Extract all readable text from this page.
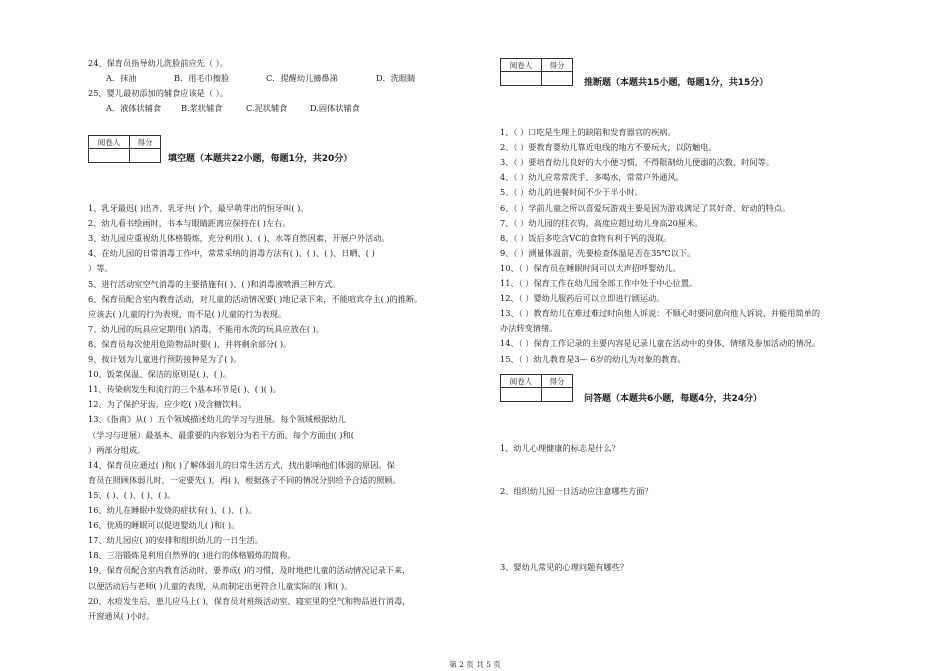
24、保育员指导幼儿洗脸前应先（ ）。
A．抹油	B．用毛巾擦脸	C．提醒幼儿擤鼻涕	D．洗眼睛
25、婴儿最初添加的辅食应该是（ ）。
A．液体状辅食 B.浆状辅食	C.泥状辅食	D.固体状辅食
阅卷人	得分

填空题（本题共22小题，每题1分，共20分）
1、乳牙最迟( )出齐，乳牙共( )个，最早萌芽出的恒牙叫( )。
2、幼儿看书绘画时，书本与眼睛距离应保持在( )左右。
3、幼儿园应重视幼儿体格锻炼，充分利用( )、( )、水等自然因素，开展户外活动。
4、在幼儿园的日常消毒工作中，常常采纳的消毒方法有( )、( )、( )、日晒、( )
）等。
5、进行活动室空气消毒的主要措施有( )、( )和消毒液喷洒三种方式。
6、保育员配合室内教育活动，对儿童的活动情况要( )地记录下来，不能喧宾夺主( )的推断。
应该去( )儿童的行为表现，而不是( )儿童的行为表现。
7、幼儿园的玩具应定期用( )消毒，不能用水洗的玩具应放在( )。
8、保育员每次使用危险物品时要( )，并将剩余部分( )。
9、按计划为儿童进行预防接种是为了( )。
10、饭菜保温、保洁的原则是( )、( )。
11、传染病发生和流行的三个基本环节是( )、( )( )。
12、为了保护牙齿，应少吃( )及含糖饮料。
13、《指南》从( ）五个领域描述幼儿的学习与进展。每个领域根据幼儿
（学习与进展）最基本、最重要的内容划分为若干方面。每个方面由( )和(
）两部分组成。
14、保育员应通过( )和( )了解体弱儿的日常生活方式，找出影响他们体弱的原因。保
育员在照顾体弱儿时，一定要先( )，再( )，根据孩子不同的情况分别给予合适的照顾。
15、( )、( )、( )、( )。
16、幼儿在睡眠中发烧的症状有( )、( )、( )。
16、优质的睡眠可以促进婴幼儿( )和( )。
17、幼儿园应( )的安排和组织幼儿的一日生活。
18、三浴锻炼是利用自然界的( )进行的体格锻炼的简称。
19、保育员配合室内教育活动时，要养成( )的习惯，及时地把儿童的活动情况记录下来，
以便活动后与老师( )儿童的表现，从而制定出更符合儿童实际的( )和( )。
20、水痘发生后，患儿应马上( )，保育员对班级活动室、寝室里的空气和物品进行消毒，
开窗通风( )小时。
阅卷人	得分

推断题（本题共15小题，每题1分，共15分）
1、（ ）口吃是生理上的缺陷和发育器官的疾病。
2、（ ）要教育婴幼儿靠近电线的地方不要玩火，以防触电。
3、（ ）要培育幼儿良好的大小便习惯，不得限制幼儿便溺的次数、时间等。
4、（ ）幼儿应常常洗手，多喝水，常常户外通风。
5、（ ）幼儿的进餐时间不少于半小时。
6、（ ）学前儿童之所以喜爱玩游戏主要是因为游戏满足了其好奇、好动的特点。
7、（ ）幼儿园的挂衣钩，高度应超过幼儿身高20厘米。
8、（ ）饭后多吃含VC的食物有利于钙的汲取。
9、（ ）测量体温前，先要检查体温是否在35℃以下。
10、（ ）保育员在睡眠时间可以大声招呼婴幼儿。
11、（ ）保育工作在幼儿园全部工作中处于中心位置。
12、（ ）婴幼儿服药后可以立即进行剧运动。
13、（ ）教育幼儿在难过难过时向他人诉说：不顺心时要同意向他人诉说，并能用简单的
办法转变情绪。
14、（ ）保育工作记录的主要内容是记录儿童在活动中的身体、情绪及参加活动的情况。
15、（ ）幼儿教育是3— 6岁的幼儿为对象的教育。
阅卷人	得分

问答题（本题共6小题，每题4分，共24分）
1、幼儿心理健康的标志是什么？
2、组织幼儿园一日活动应注意哪些方面？
3、婴幼儿常见的心理问题有哪些？
第 2 页 共 5 页
